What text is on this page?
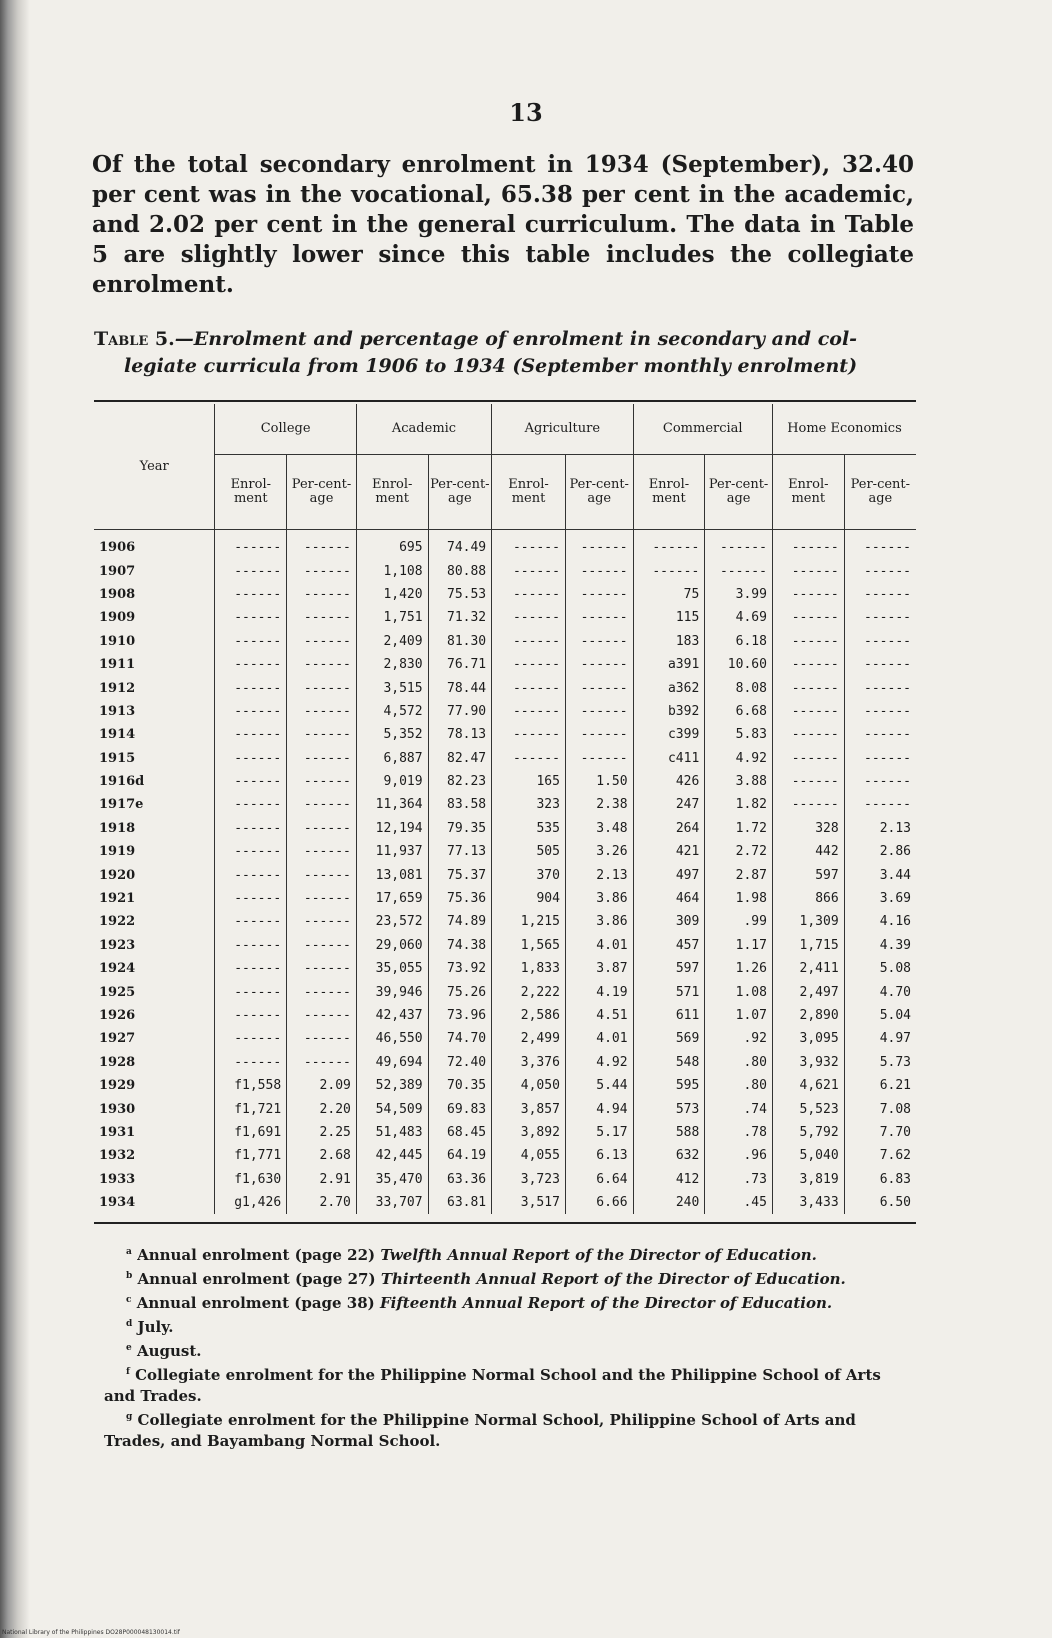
13

Of the total secondary enrolment in 1934 (September), 32.40 per cent was in the vocational, 65.38 per cent in the academic, and 2.02 per cent in the general curriculum. The data in Table 5 are slightly lower since this table includes the collegiate enrolment.

Table 5.—Enrolment and percentage of enrolment in secondary and col-
legiate curricula from 1906 to 1934 (September monthly enrolment)
Year	College		Academic		Agriculture		Commercial		Home Economics	
	Enrol-ment	Per-cent-age	Enrol-ment	Per-cent-age	Enrol-ment	Per-cent-age	Enrol-ment	Per-cent-age	Enrol-ment	Per-cent-age
1906	------	------	695	74.49	------	------	------	------	------	------
1907	------	------	1,108	80.88	------	------	------	------	------	------
1908	------	------	1,420	75.53	------	------	75	3.99	------	------
1909	------	------	1,751	71.32	------	------	115	4.69	------	------
1910	------	------	2,409	81.30	------	------	183	6.18	------	------
1911	------	------	2,830	76.71	------	------	a391	10.60	------	------
1912	------	------	3,515	78.44	------	------	a362	8.08	------	------
1913	------	------	4,572	77.90	------	------	b392	6.68	------	------
1914	------	------	5,352	78.13	------	------	c399	5.83	------	------
1915	------	------	6,887	82.47	------	------	c411	4.92	------	------
1916d	------	------	9,019	82.23	165	1.50	426	3.88	------	------
1917e	------	------	11,364	83.58	323	2.38	247	1.82	------	------
1918	------	------	12,194	79.35	535	3.48	264	1.72	328	2.13
1919	------	------	11,937	77.13	505	3.26	421	2.72	442	2.86
1920	------	------	13,081	75.37	370	2.13	497	2.87	597	3.44
1921	------	------	17,659	75.36	904	3.86	464	1.98	866	3.69
1922	------	------	23,572	74.89	1,215	3.86	309	.99	1,309	4.16
1923	------	------	29,060	74.38	1,565	4.01	457	1.17	1,715	4.39
1924	------	------	35,055	73.92	1,833	3.87	597	1.26	2,411	5.08
1925	------	------	39,946	75.26	2,222	4.19	571	1.08	2,497	4.70
1926	------	------	42,437	73.96	2,586	4.51	611	1.07	2,890	5.04
1927	------	------	46,550	74.70	2,499	4.01	569	.92	3,095	4.97
1928	------	------	49,694	72.40	3,376	4.92	548	.80	3,932	5.73
1929	f1,558	2.09	52,389	70.35	4,050	5.44	595	.80	4,621	6.21
1930	f1,721	2.20	54,509	69.83	3,857	4.94	573	.74	5,523	7.08
1931	f1,691	2.25	51,483	68.45	3,892	5.17	588	.78	5,792	7.70
1932	f1,771	2.68	42,445	64.19	4,055	6.13	632	.96	5,040	7.62
1933	f1,630	2.91	35,470	63.36	3,723	6.64	412	.73	3,819	6.83
1934	g1,426	2.70	33,707	63.81	3,517	6.66	240	.45	3,433	6.50
$^a$ Annual enrolment (page 22) Twelfth Annual Report of the Director of Education.
$^b$ Annual enrolment (page 27) Thirteenth Annual Report of the Director of Education.
$^c$ Annual enrolment (page 38) Fifteenth Annual Report of the Director of Education.
$^d$ July.
$^e$ August.
$^f$ Collegiate enrolment for the Philippine Normal School and the Philippine School of Arts and Trades.
$^g$ Collegiate enrolment for the Philippine Normal School, Philippine School of Arts and Trades, and Bayambang Normal School.
National Library of the Philippines DO28P000048130014.tif
